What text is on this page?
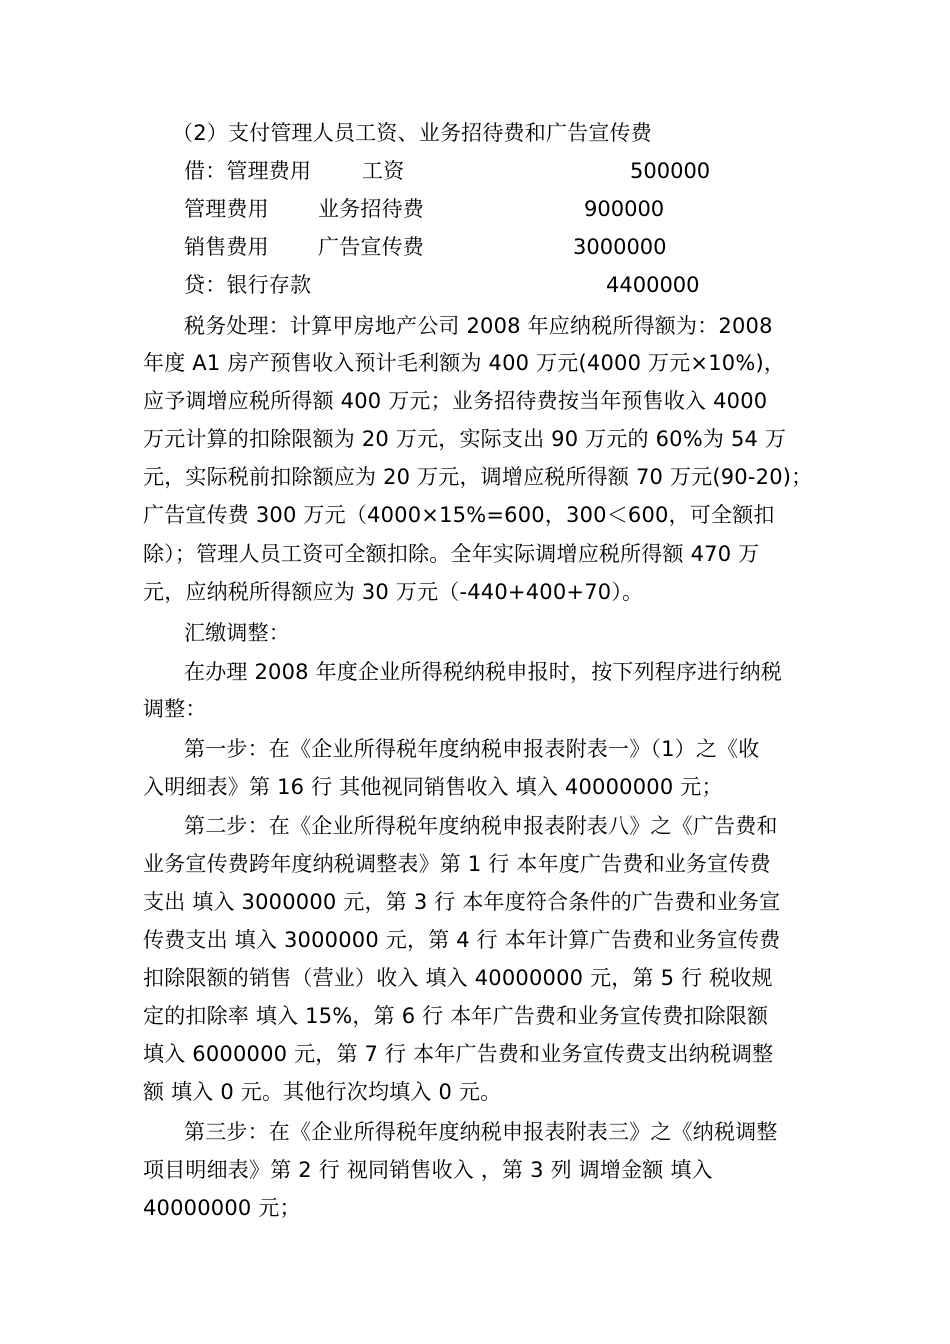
（2）支付管理人员工资、业务招待费和广告宣传费
借：管理费用 工资	500000
管理费用 业务招待费	900000
销售费用 广告宣传费	3000000
贷：银行存款	4400000
税务处理：计算甲房地产公司 2008 年应纳税所得额为：2008
年度 A1 房产预售收入预计毛利额为 400 万元(4000 万元×10%)，
应予调增应税所得额 400 万元；业务招待费按当年预售收入 4000
万元计算的扣除限额为 20 万元，实际支出 90 万元的 60%为 54 万
元，实际税前扣除额应为 20 万元，调增应税所得额 70 万元(90-20)；
广告宣传费 300 万元（4000×15%=600，300＜600，可全额扣
除）；管理人员工资可全额扣除。全年实际调增应税所得额 470 万
元，应纳税所得额应为 30 万元（-440+400+70）。
汇缴调整：
在办理 2008 年度企业所得税纳税申报时，按下列程序进行纳税
调整：
第一步：在《企业所得税年度纳税申报表附表一》（1）之《收
入明细表》第 16 行 其他视同销售收入 填入 40000000 元；
第二步：在《企业所得税年度纳税申报表附表八》之《广告费和
业务宣传费跨年度纳税调整表》第 1 行 本年度广告费和业务宣传费
支出 填入 3000000 元，第 3 行 本年度符合条件的广告费和业务宣
传费支出 填入 3000000 元，第 4 行 本年计算广告费和业务宣传费
扣除限额的销售（营业）收入 填入 40000000 元，第 5 行 税收规
定的扣除率 填入 15%，第 6 行 本年广告费和业务宣传费扣除限额
填入 6000000 元，第 7 行 本年广告费和业务宣传费支出纳税调整
额 填入 0 元。其他行次均填入 0 元。
第三步：在《企业所得税年度纳税申报表附表三》之《纳税调整
项目明细表》第 2 行 视同销售收入 ，第 3 列 调增金额 填入
40000000 元；
